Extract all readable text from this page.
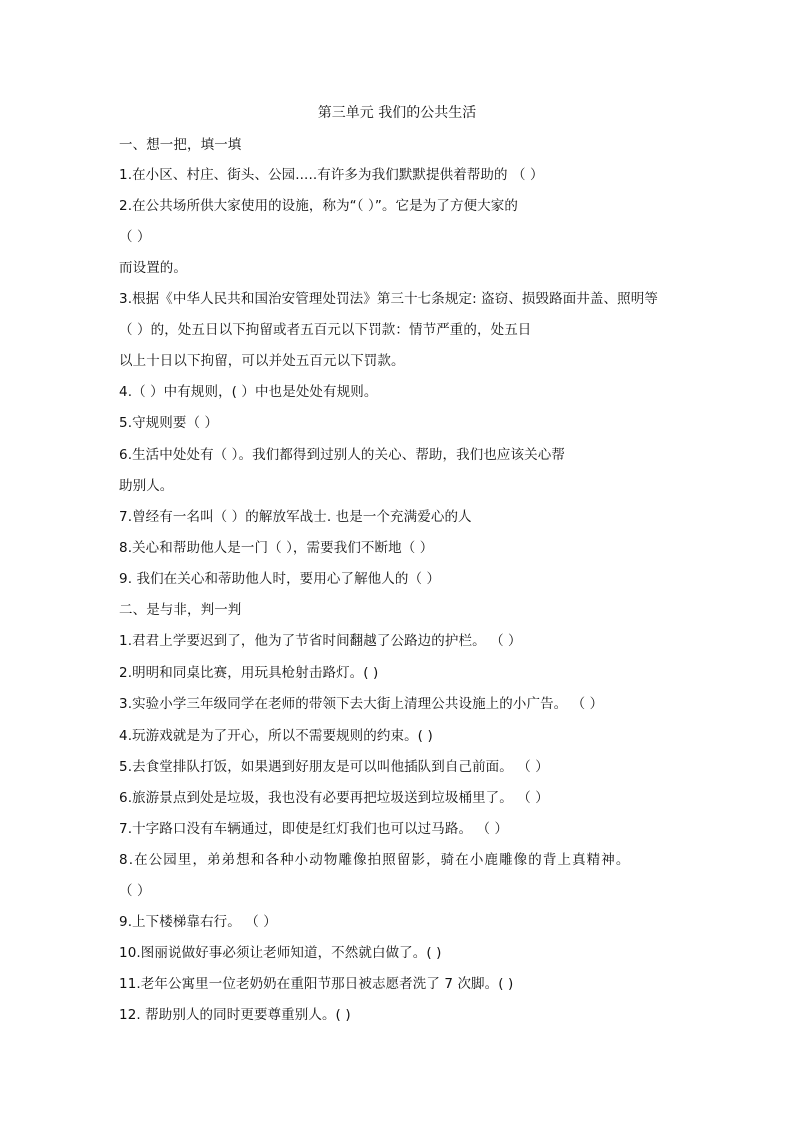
第三单元 我们的公共生活
一、想一把，填一填
1.在小区、村庄、街头、公园.....有许多为我们默默提供着帮助的 （ ）
2.在公共场所供大家使用的设施，称为“（ ）”。它是为了方便大家的
（ ）
而设置的。
3.根据《中华人民共和国治安管理处罚法》第三十七条规定: 盗窃、损毁路面井盖、照明等
（ ）的，处五日以下拘留或者五百元以下罚款：情节严重的，处五日
以上十日以下拘留，可以并处五百元以下罚款。
4.（ ）中有规则，( ）中也是处处有规则。
5.守规则要（ ）
6.生活中处处有（ ）。我们都得到过别人的关心、帮助，我们也应该关心帮
助别人。
7.曾经有一名叫（ ）的解放军战士. 也是一个充满爱心的人
8.关心和帮助他人是一门（ ），需要我们不断地（ ）
9. 我们在关心和蒂助他人时，要用心了解他人的（ ）
二、是与非，判一判
1.君君上学要迟到了，他为了节省时间翻越了公路边的护栏。 （ ）
2.明明和同桌比赛，用玩具枪射击路灯。( )
3.实验小学三年级同学在老师的带领下去大街上清理公共设施上的小广告。 （ ）
4.玩游戏就是为了开心，所以不需要规则的约束。( )
5.去食堂排队打饭，如果遇到好朋友是可以叫他插队到自己前面。 （ ）
6.旅游景点到处是垃圾，我也没有必要再把垃圾送到垃圾桶里了。 （ ）
7.十字路口没有车辆通过，即使是红灯我们也可以过马路。 （ ）
8.在公园里，弟弟想和各种小动物雕像拍照留影，骑在小鹿雕像的背上真精神。
（ ）
9.上下楼梯靠右行。 （ ）
10.图丽说做好事必须让老师知道，不然就白做了。( )
11.老年公寓里一位老奶奶在重阳节那日被志愿者洗了 7 次脚。( )
12. 帮助别人的同时更要尊重别人。( )
